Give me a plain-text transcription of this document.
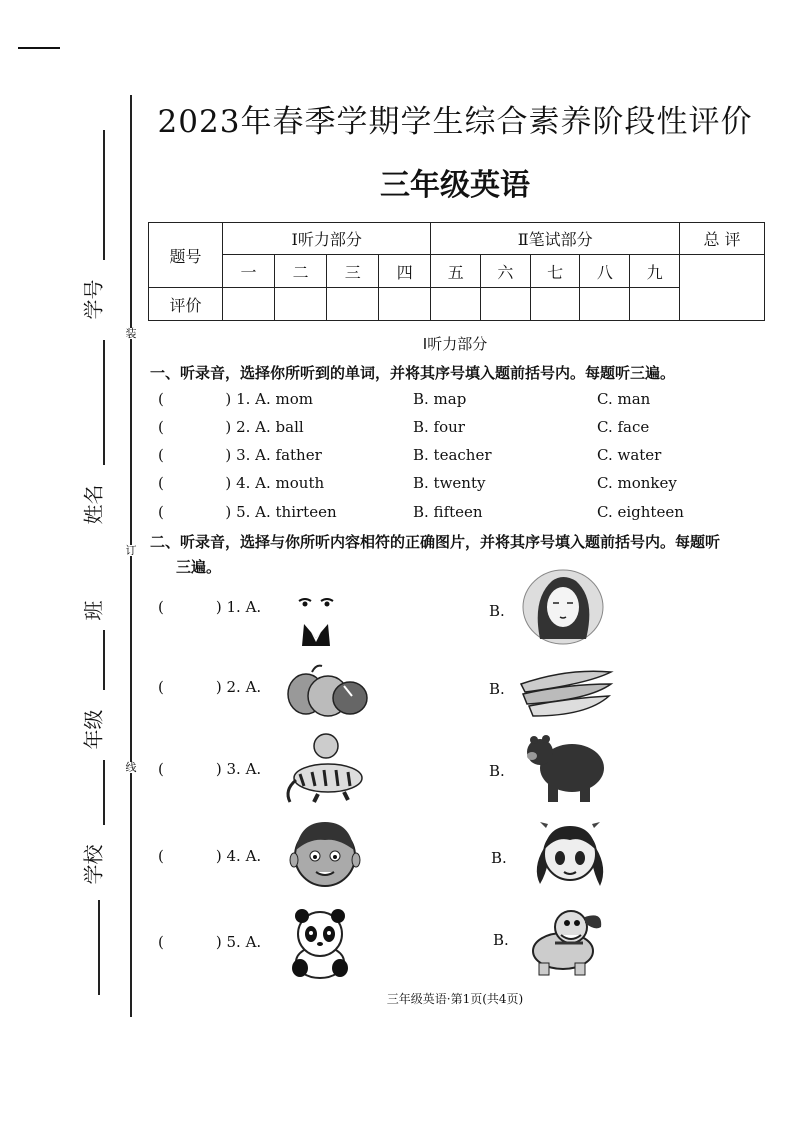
装
订
线
学号
姓名
班
年级
学校
2023年春季学期学生综合素养阶段性评价
三年级英语
题号	Ⅰ听力部分				Ⅱ笔试部分					总 评
	一	二	三	四	五	六	七	八	九	
评价										
Ⅰ听力部分
一、听录音，选择你所听到的单词，并将其序号填入题前括号内。每题听三遍。
(	) 1. A. mom	B. map	C. man
(	) 2. A. ball	B. four	C. face
(	) 3. A. father	B. teacher	C. water
(	) 4. A. mouth	B. twenty	C. monkey
(	) 5. A. thirteen	B. fifteen	C. eighteen
二、听录音，选择与你所听内容相符的正确图片，并将其序号填入题前括号内。每题听
三遍。
(	) 1. A.	B.
(	) 2. A.	B.
(	) 3. A.	B.
(	) 4. A.	B.
(	) 5. A.	B.
三年级英语·第1页(共4页)
